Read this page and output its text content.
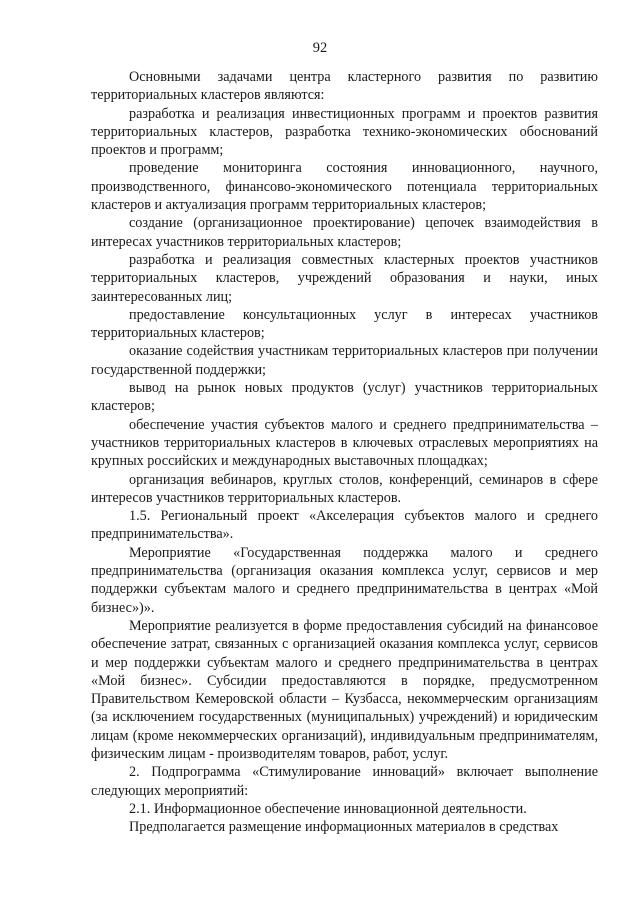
92

Основными задачами центра кластерного развития по развитию территориальных кластеров являются:

разработка и реализация инвестиционных программ и проектов развития территориальных кластеров, разработка технико-экономических обоснований проектов и программ;

проведение мониторинга состояния инновационного, научного, производственного, финансово-экономического потенциала территориальных кластеров и актуализация программ территориальных кластеров;

создание (организационное проектирование) цепочек взаимодействия в интересах участников территориальных кластеров;

разработка и реализация совместных кластерных проектов участников территориальных кластеров, учреждений образования и науки, иных заинтересованных лиц;

предоставление консультационных услуг в интересах участников территориальных кластеров;

оказание содействия участникам территориальных кластеров при получении государственной поддержки;

вывод на рынок новых продуктов (услуг) участников территориальных кластеров;

обеспечение участия субъектов малого и среднего предпринимательства – участников территориальных кластеров в ключевых отраслевых мероприятиях на крупных российских и международных выставочных площадках;

организация вебинаров, круглых столов, конференций, семинаров в сфере интересов участников территориальных кластеров.

1.5. Региональный проект «Акселерация субъектов малого и среднего предпринимательства».

Мероприятие «Государственная поддержка малого и среднего предпринимательства (организация оказания комплекса услуг, сервисов и мер поддержки субъектам малого и среднего предпринимательства в центрах «Мой бизнес»)».

Мероприятие реализуется в форме предоставления субсидий на финансовое обеспечение затрат, связанных с организацией оказания комплекса услуг, сервисов и мер поддержки субъектам малого и среднего предпринимательства в центрах «Мой бизнес». Субсидии предоставляются в порядке, предусмотренном Правительством Кемеровской области – Кузбасса, некоммерческим организациям (за исключением государственных (муниципальных) учреждений) и юридическим лицам (кроме некоммерческих организаций), индивидуальным предпринимателям, физическим лицам - производителям товаров, работ, услуг.

2. Подпрограмма «Стимулирование инноваций» включает выполнение следующих мероприятий:

2.1. Информационное обеспечение инновационной деятельности.

Предполагается размещение информационных материалов в средствах
